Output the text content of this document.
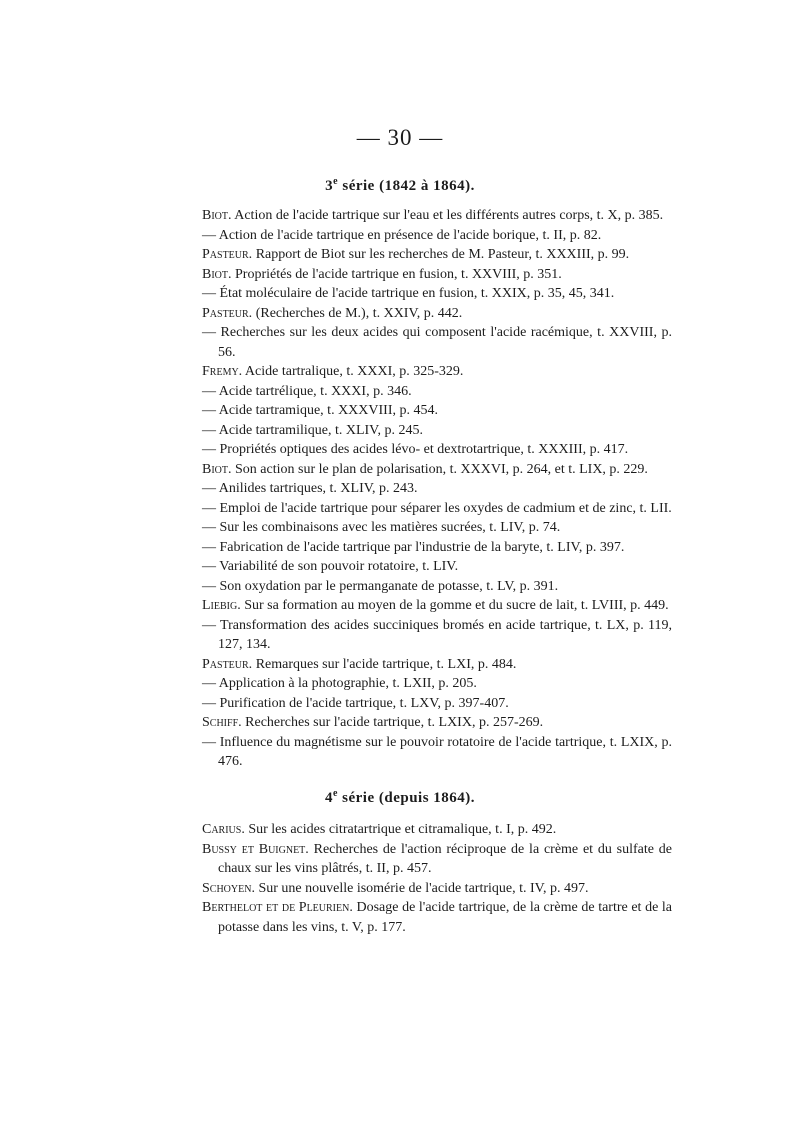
— 30 —
3e série (1842 à 1864).
Biot. Action de l'acide tartrique sur l'eau et les différents autres corps, t. X, p. 385.
— Action de l'acide tartrique en présence de l'acide borique, t. II, p. 82.
Pasteur. Rapport de Biot sur les recherches de M. Pasteur, t. XXXIII, p. 99.
Biot. Propriétés de l'acide tartrique en fusion, t. XXVIII, p. 351.
— État moléculaire de l'acide tartrique en fusion, t. XXIX, p. 35, 45, 341.
Pasteur. (Recherches de M.), t. XXIV, p. 442.
— Recherches sur les deux acides qui composent l'acide racémique, t. XXVIII, p. 56.
Fremy. Acide tartralique, t. XXXI, p. 325-329.
— Acide tartrélique, t. XXXI, p. 346.
— Acide tartramique, t. XXXVIII, p. 454.
— Acide tartramilique, t. XLIV, p. 245.
— Propriétés optiques des acides lévo- et dextrotartrique, t. XXXIII, p. 417.
Biot. Son action sur le plan de polarisation, t. XXXVI, p. 264, et t. LIX, p. 229.
— Anilides tartriques, t. XLIV, p. 243.
— Emploi de l'acide tartrique pour séparer les oxydes de cadmium et de zinc, t. LII.
— Sur les combinaisons avec les matières sucrées, t. LIV, p. 74.
— Fabrication de l'acide tartrique par l'industrie de la baryte, t. LIV, p. 397.
— Variabilité de son pouvoir rotatoire, t. LIV.
— Son oxydation par le permanganate de potasse, t. LV, p. 391.
Liebig. Sur sa formation au moyen de la gomme et du sucre de lait, t. LVIII, p. 449.
— Transformation des acides succiniques bromés en acide tartrique, t. LX, p. 119, 127, 134.
Pasteur. Remarques sur l'acide tartrique, t. LXI, p. 484.
— Application à la photographie, t. LXII, p. 205.
— Purification de l'acide tartrique, t. LXV, p. 397-407.
Schiff. Recherches sur l'acide tartrique, t. LXIX, p. 257-269.
— Influence du magnétisme sur le pouvoir rotatoire de l'acide tartrique, t. LXIX, p. 476.
4e série (depuis 1864).
Carius. Sur les acides citratartrique et citramalique, t. I, p. 492.
Bussy et Buignet. Recherches de l'action réciproque de la crème et du sulfate de chaux sur les vins plâtrés, t. II, p. 457.
Schoyen. Sur une nouvelle isomérie de l'acide tartrique, t. IV, p. 497.
Berthelot et de Pleurien. Dosage de l'acide tartrique, de la crème de tartre et de la potasse dans les vins, t. V, p. 177.
